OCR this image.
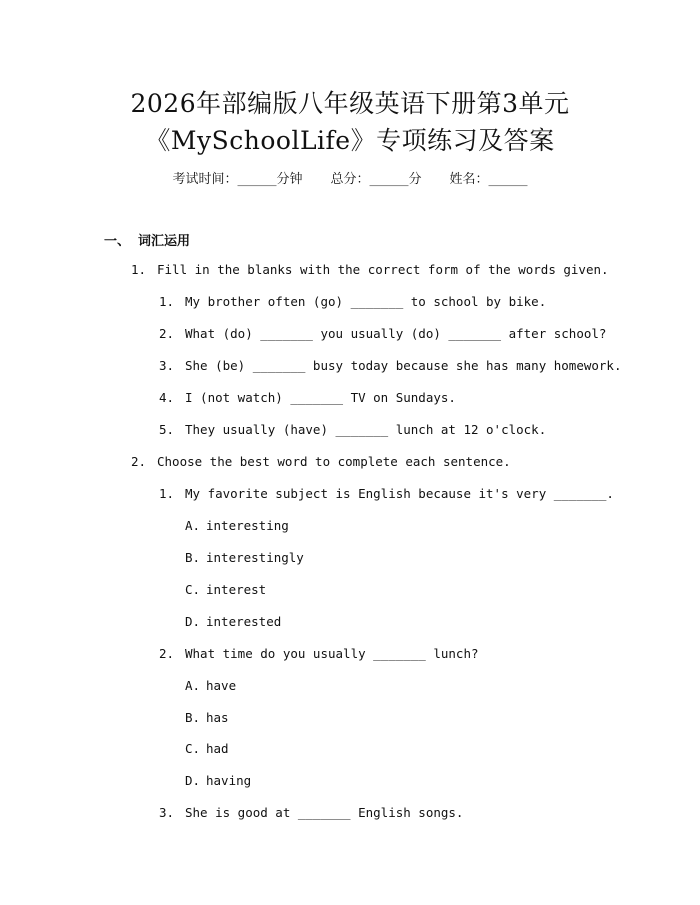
2026年部编版八年级英语下册第3单元
《MySchoolLife》专项练习及答案
考试时间：______分钟 总分：______分 姓名：______
一、 词汇运用
1. Fill in the blanks with the correct form of the words given.
1. My brother often (go) _______ to school by bike.
2. What (do) _______ you usually (do) _______ after school?
3. She (be) _______ busy today because she has many homework.
4. I (not watch) _______ TV on Sundays.
5. They usually (have) _______ lunch at 12 o'clock.
2. Choose the best word to complete each sentence.
1. My favorite subject is English because it's very _______.
A. interesting
B. interestingly
C. interest
D. interested
2. What time do you usually _______ lunch?
A. have
B. has
C. had
D. having
3. She is good at _______ English songs.
